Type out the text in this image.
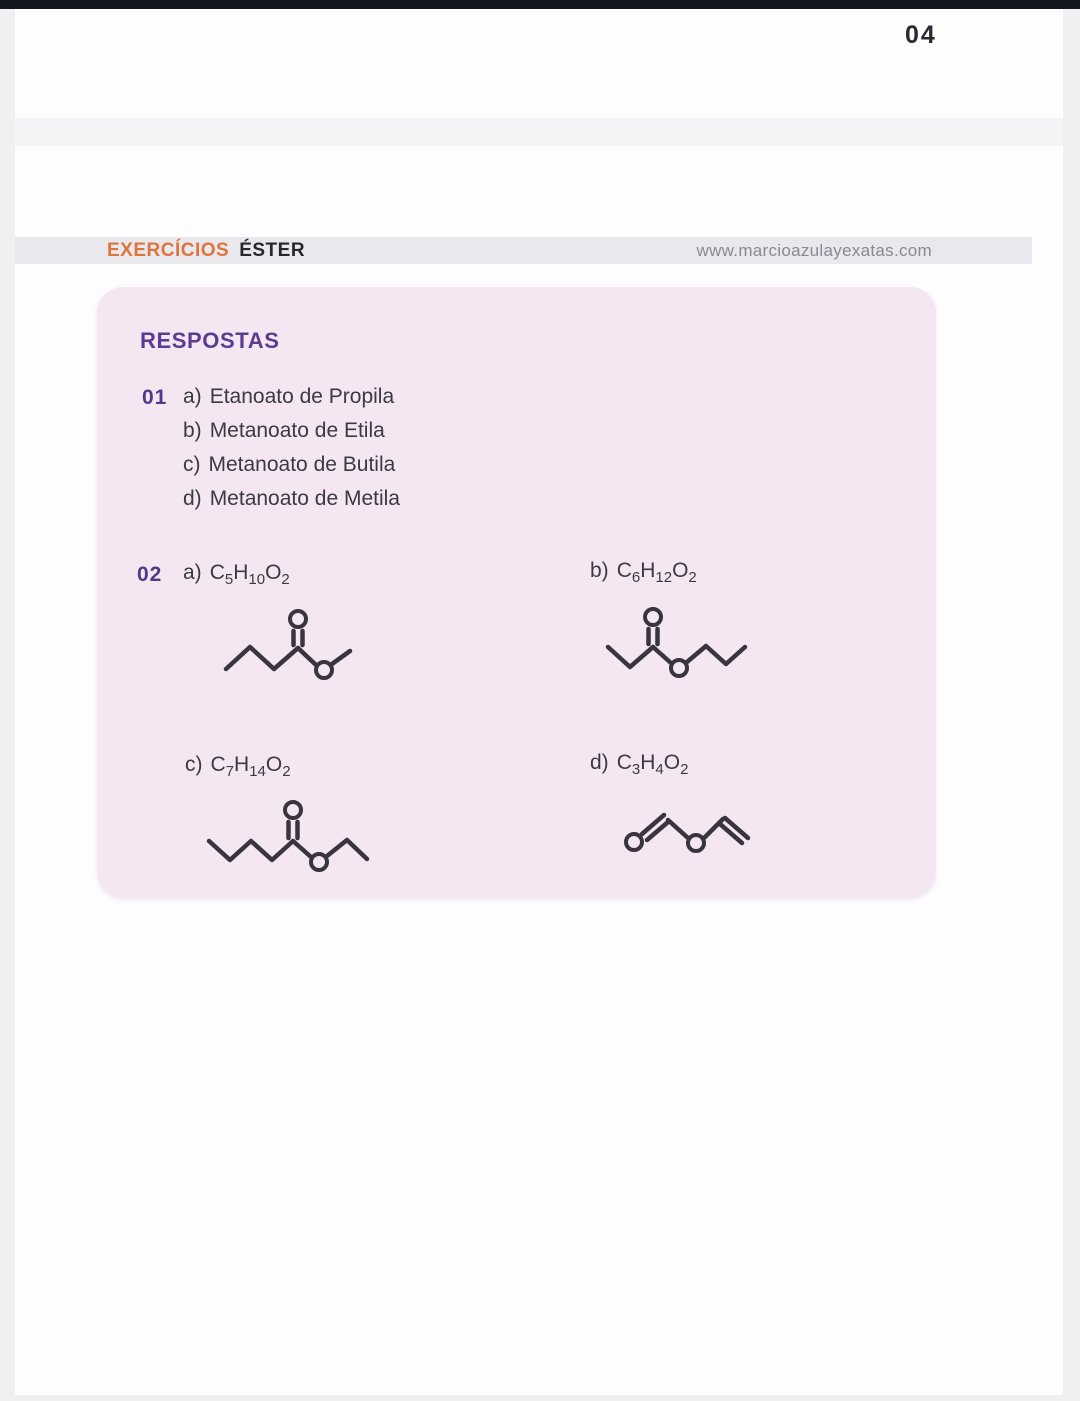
04
EXERCÍCIOS ÉSTER	www.marcioazulayexatas.com
RESPOSTAS
01 a) Etanoato de Propila
b) Metanoato de Etila
c) Metanoato de Butila
d) Metanoato de Metila
02 a) $C_5H_{10}O_2$	b) $C_6H_{12}O_2$
c) $C_7H_{14}O_2$	d) $C_3H_4O_2$
